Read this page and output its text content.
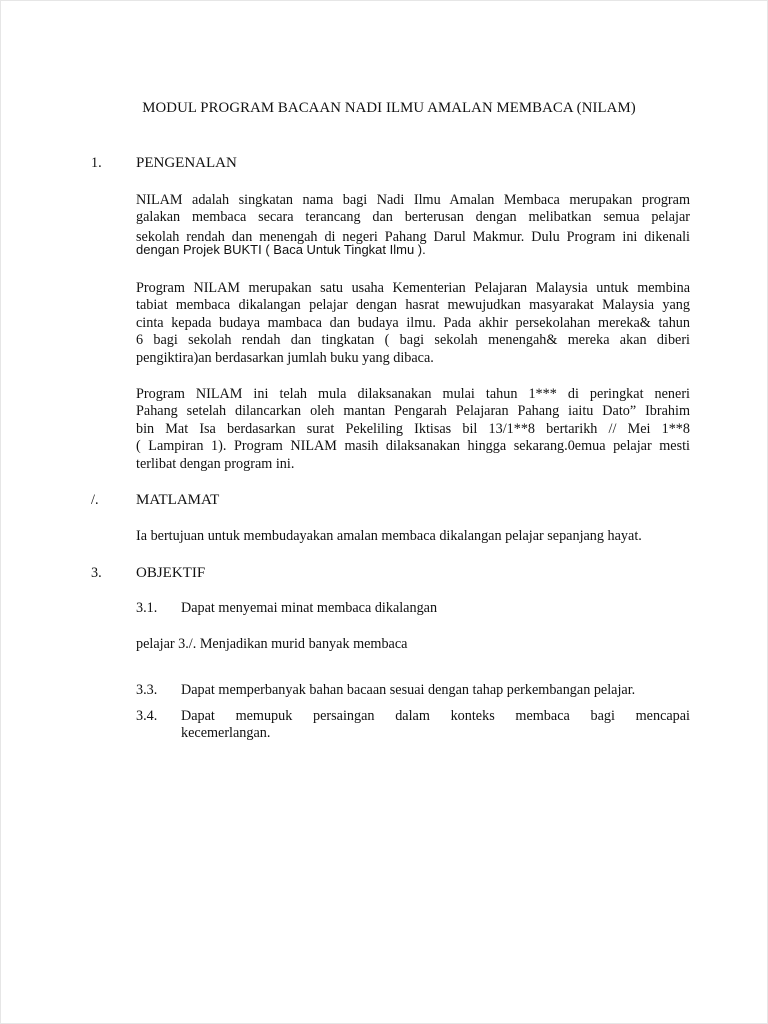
MODUL PROGRAM BACAAN NADI ILMU AMALAN MEMBACA (NILAM)
1. PENGENALAN
NILAM adalah singkatan nama bagi Nadi Ilmu Amalan Membaca merupakan program
galakan membaca secara terancang dan berterusan dengan melibatkan semua pelajar
sekolah rendah dan menengah di negeri Pahang Darul Makmur. Dulu Program ini dikenali
dengan Projek BUKTI ( Baca Untuk Tingkat Ilmu ).
Program NILAM merupakan satu usaha Kementerian Pelajaran Malaysia untuk membina
tabiat membaca dikalangan pelajar dengan hasrat mewujudkan masyarakat Malaysia yang
cinta kepada budaya mambaca dan budaya ilmu. Pada akhir persekolahan mereka& tahun
6 bagi sekolah rendah dan tingkatan ( bagi sekolah menengah& mereka akan diberi
pengiktira)an berdasarkan jumlah buku yang dibaca.
Program NILAM ini telah mula dilaksanakan mulai tahun 1*** di peringkat neneri
Pahang setelah dilancarkan oleh mantan Pengarah Pelajaran Pahang iaitu Dato” Ibrahim
bin Mat Isa berdasarkan surat Pekeliling Iktisas bil 13/1**8 bertarikh // Mei 1**8
( Lampiran 1). Program NILAM masih dilaksanakan hingga sekarang.0emua pelajar mesti
terlibat dengan program ini.
/.	MATLAMAT
Ia bertujuan untuk membudayakan amalan membaca dikalangan pelajar sepanjang hayat.
3. OBJEKTIF
3.1. Dapat menyemai minat membaca dikalangan
pelajar 3./. Menjadikan murid banyak membaca
3.3. Dapat memperbanyak bahan bacaan sesuai dengan tahap perkembangan pelajar.
3.4. Dapat memupuk persaingan dalam konteks membaca bagi mencapai
kecemerlangan.
